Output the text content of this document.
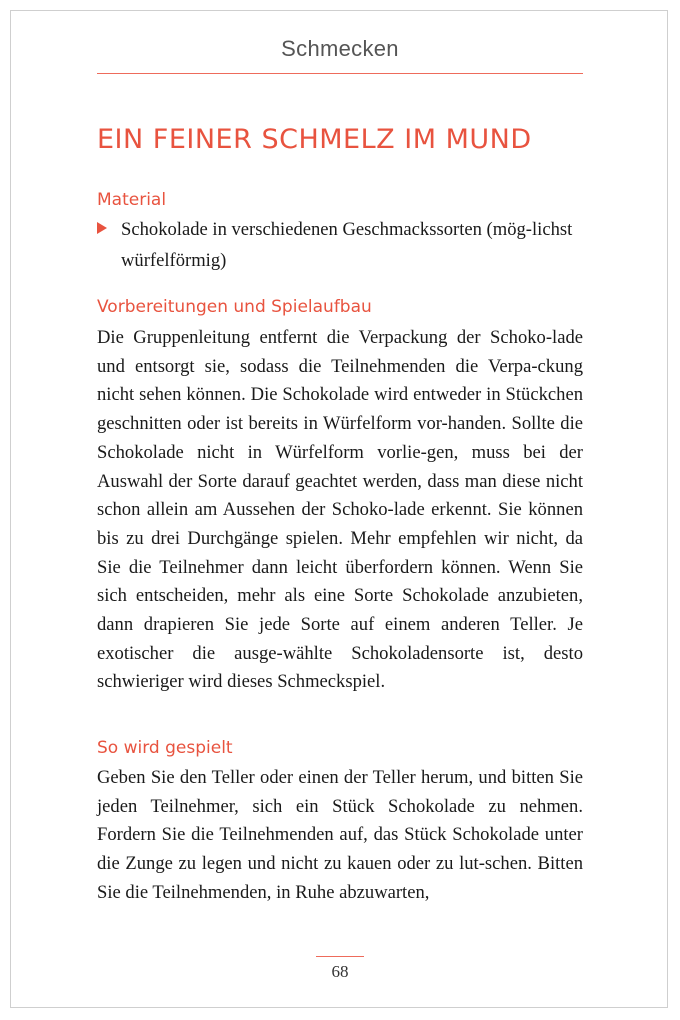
Schmecken
EIN FEINER SCHMELZ IM MUND
Material
Schokolade in verschiedenen Geschmackssorten (mög-lichst würfelförmig)
Vorbereitungen und Spielaufbau
Die Gruppenleitung entfernt die Verpackung der Schoko-lade und entsorgt sie, sodass die Teilnehmenden die Verpa-ckung nicht sehen können. Die Schokolade wird entweder in Stückchen geschnitten oder ist bereits in Würfelform vor-handen. Sollte die Schokolade nicht in Würfelform vorlie-gen, muss bei der Auswahl der Sorte darauf geachtet werden, dass man diese nicht schon allein am Aussehen der Schoko-lade erkennt. Sie können bis zu drei Durchgänge spielen. Mehr empfehlen wir nicht, da Sie die Teilnehmer dann leicht überfordern können. Wenn Sie sich entscheiden, mehr als eine Sorte Schokolade anzubieten, dann drapieren Sie jede Sorte auf einem anderen Teller. Je exotischer die ausge-wählte Schokoladensorte ist, desto schwieriger wird dieses Schmeckspiel.
So wird gespielt
Geben Sie den Teller oder einen der Teller herum, und bitten Sie jeden Teilnehmer, sich ein Stück Schokolade zu nehmen. Fordern Sie die Teilnehmenden auf, das Stück Schokolade unter die Zunge zu legen und nicht zu kauen oder zu lut-schen. Bitten Sie die Teilnehmenden, in Ruhe abzuwarten,
68
